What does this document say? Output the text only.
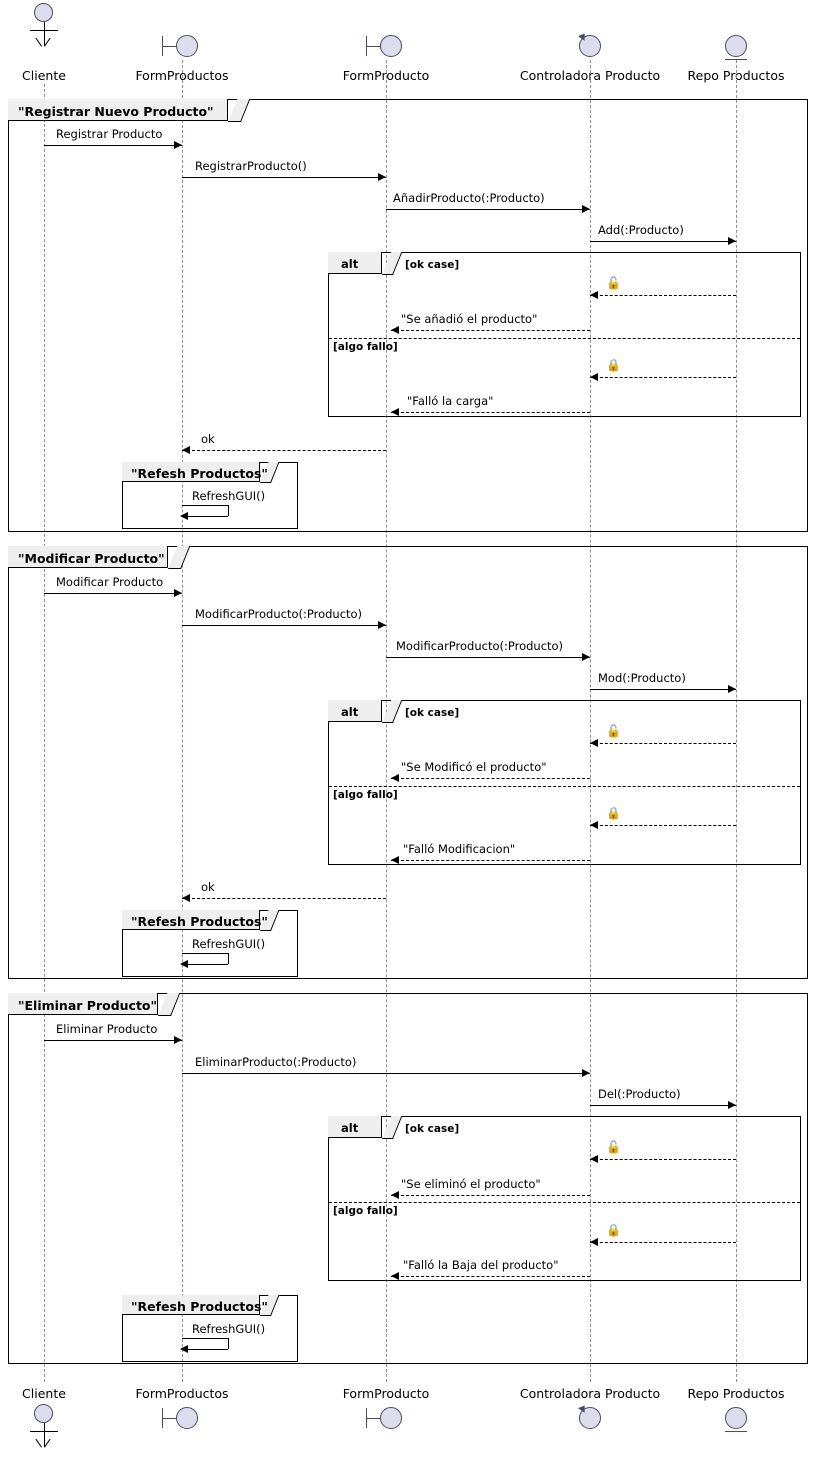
Cliente	FormProductos	FormProducto	Controladora Producto	Repo Productos
"Registrar Nuevo Producto"
Registrar Producto
RegistrarProducto()
AñadirProducto(:Producto)
Add(:Producto)
alt	[ok case]
🔓
"Se añadió el producto"
[algo fallo]
🔒
"Falló la carga"
ok
"Refesh Productos"
RefreshGUI()
"Modificar Producto"
Modificar Producto
ModificarProducto(:Producto)
ModificarProducto(:Producto)
Mod(:Producto)
alt	[ok case]
🔓
"Se Modificó el producto"
[algo fallo]
🔒
"Falló Modificacion"
ok
"Refesh Productos"
RefreshGUI()
"Eliminar Producto"
Eliminar Producto
EliminarProducto(:Producto)
Del(:Producto)
alt	[ok case]
🔓
"Se eliminó el producto"
[algo fallo]
🔒
"Falló la Baja del producto"
"Refesh Productos"
RefreshGUI()
Cliente	FormProductos	FormProducto	Controladora Producto	Repo Productos
